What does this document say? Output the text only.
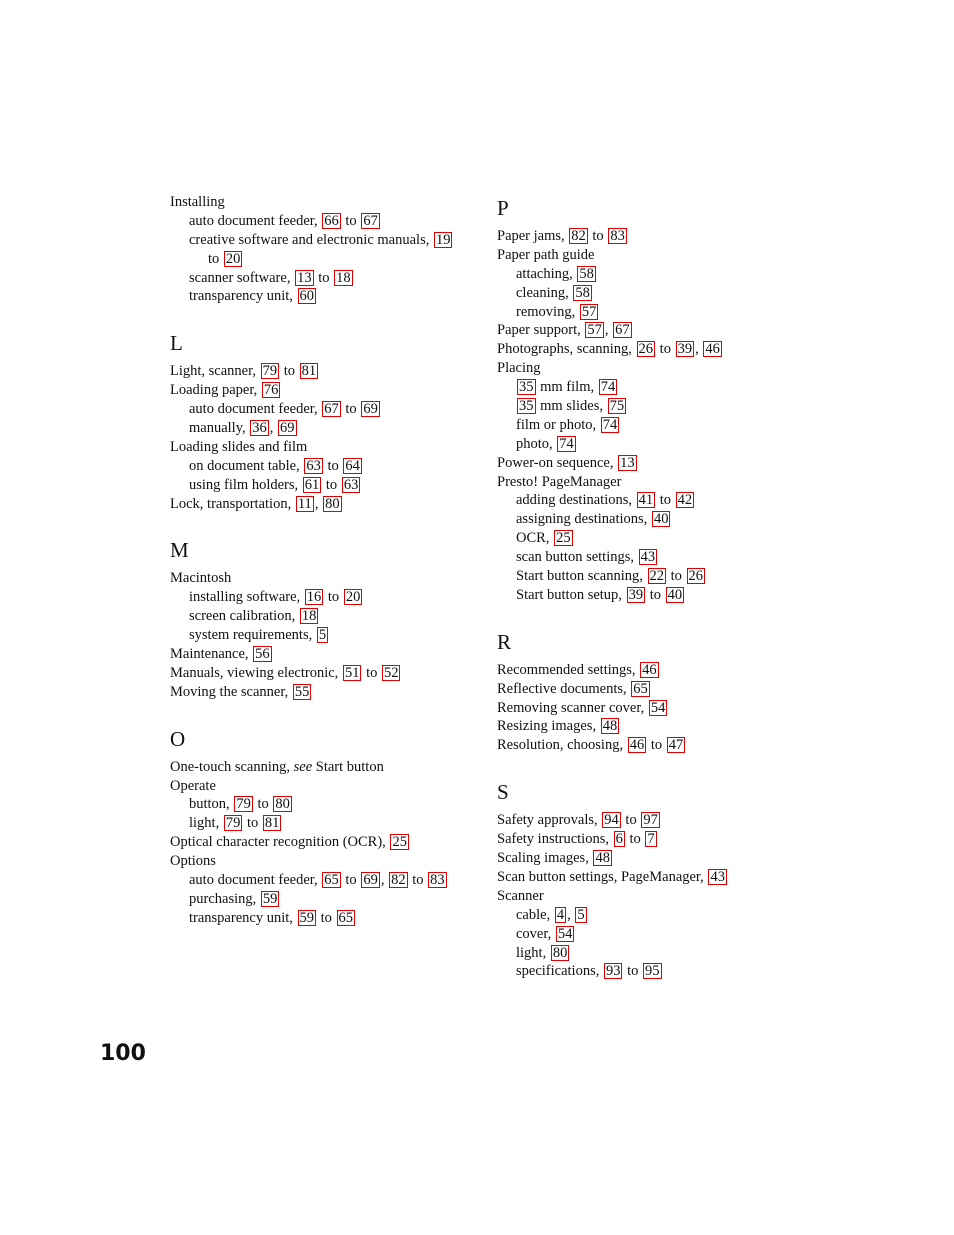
Installing
auto document feeder, 66 to 67
creative software and electronic manuals, 19
to 20
scanner software, 13 to 18
transparency unit, 60
L
Light, scanner, 79 to 81
Loading paper, 76
auto document feeder, 67 to 69
manually, 36 , 69
Loading slides and film
on document table, 63 to 64
using film holders, 61 to 63
Lock, transportation, 11 , 80
M
Macintosh
installing software, 16 to 20
screen calibration, 18
system requirements, 5
Maintenance, 56
Manuals, viewing electronic, 51 to 52
Moving the scanner, 55
O
One-touch scanning, see Start button
Operate
button, 79 to 80
light, 79 to 81
Optical character recognition (OCR), 25
Options
auto document feeder, 65 to 69 , 82 to 83
purchasing, 59
transparency unit, 59 to 65
P
Paper jams, 82 to 83
Paper path guide
attaching, 58
cleaning, 58
removing, 57
Paper support, 57 , 67
Photographs, scanning, 26 to 39 , 46
Placing
35 mm film, 74
35 mm slides, 75
film or photo, 74
photo, 74
Power-on sequence, 13
Presto! PageManager
adding destinations, 41 to 42
assigning destinations, 40
OCR, 25
scan button settings, 43
Start button scanning, 22 to 26
Start button setup, 39 to 40
R
Recommended settings, 46
Reflective documents, 65
Removing scanner cover, 54
Resizing images, 48
Resolution, choosing, 46 to 47
S
Safety approvals, 94 to 97
Safety instructions, 6 to 7
Scaling images, 48
Scan button settings, PageManager, 43
Scanner
cable, 4 , 5
cover, 54
light, 80
specifications, 93 to 95
100
